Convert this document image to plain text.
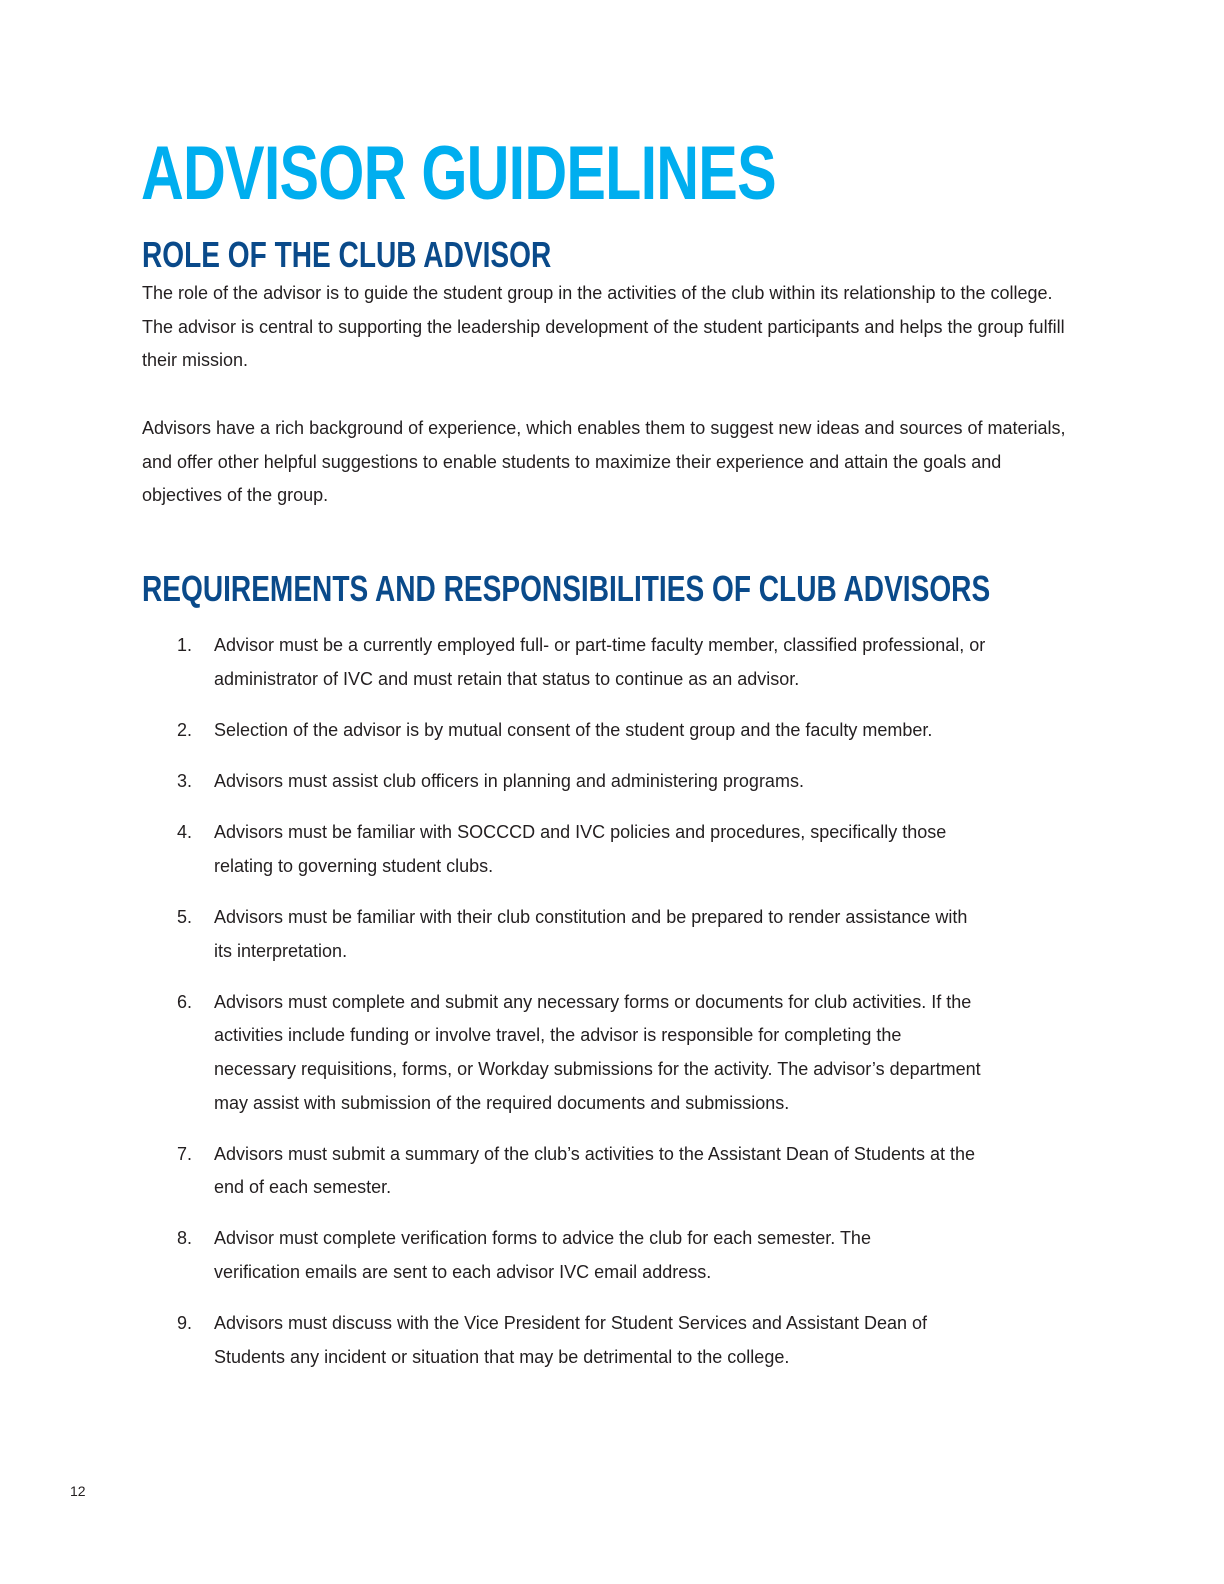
ADVISOR GUIDELINES
ROLE OF THE CLUB ADVISOR

The role of the advisor is to guide the student group in the activities of the club within its relationship to the college. The advisor is central to supporting the leadership development of the student participants and helps the group fulfill their mission.

Advisors have a rich background of experience, which enables them to suggest new ideas and sources of materials, and offer other helpful suggestions to enable students to maximize their experience and attain the goals and objectives of the group.

REQUIREMENTS AND RESPONSIBILITIES OF CLUB ADVISORS
1. Advisor must be a currently employed full- or part-time faculty member, classified professional, or administrator of IVC and must retain that status to continue as an advisor.
2. Selection of the advisor is by mutual consent of the student group and the faculty member.
3. Advisors must assist club officers in planning and administering programs.
4. Advisors must be familiar with SOCCCD and IVC policies and procedures, specifically those relating to governing student clubs.
5. Advisors must be familiar with their club constitution and be prepared to render assistance with its interpretation.
6. Advisors must complete and submit any necessary forms or documents for club activities. If the activities include funding or involve travel, the advisor is responsible for completing the necessary requisitions, forms, or Workday submissions for the activity. The advisor’s department may assist with submission of the required documents and submissions.
7. Advisors must submit a summary of the club’s activities to the Assistant Dean of Students at the end of each semester.
8. Advisor must complete verification forms to advice the club for each semester. The verification emails are sent to each advisor IVC email address.
9. Advisors must discuss with the Vice President for Student Services and Assistant Dean of Students any incident or situation that may be detrimental to the college.
12
